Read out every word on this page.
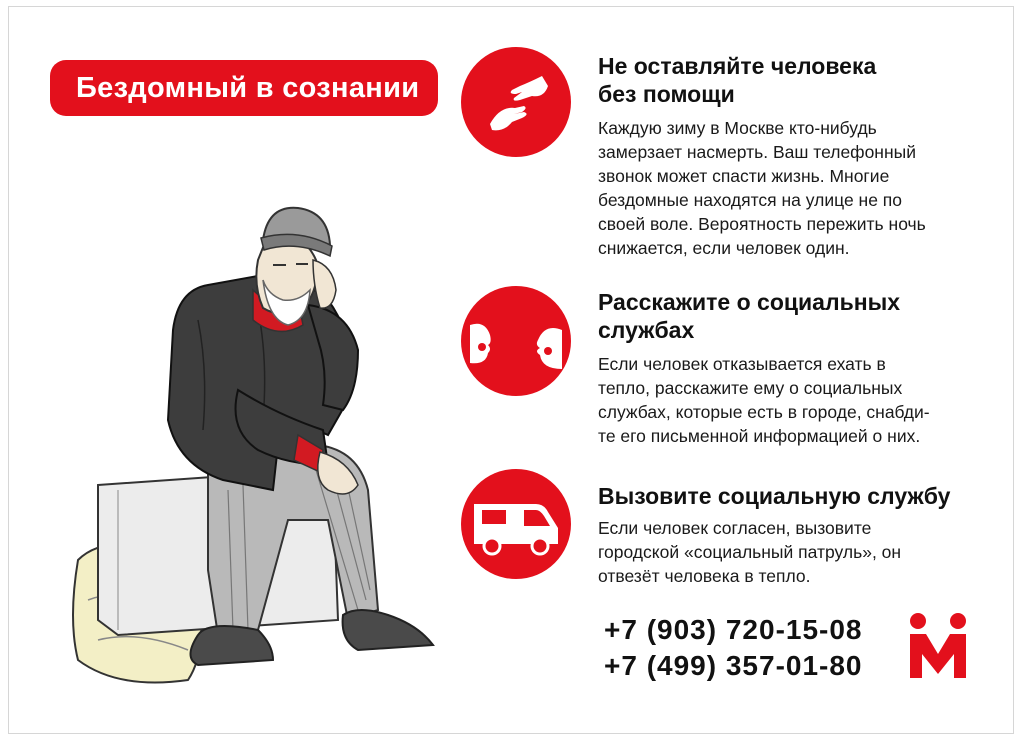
Бездомный в сознании
Не оставляйте человека
без помощи
Каждую зиму в Москве кто-нибудь
замерзает насмерть. Ваш телефонный
звонок может спасти жизнь. Многие
бездомные находятся на улице не по
своей воле. Вероятность пережить ночь
снижается, если человек один.
Расскажите о социальных
службах
Если человек отказывается ехать в
тепло, расскажите ему о социальных
службах, которые есть в городе, снабди-
те его письменной информацией о них.
Вызовите социальную службу
Если человек согласен, вызовите
городской «социальный патруль», он
отвезёт человека в тепло.
+7 (903) 720-15-08
+7 (499) 357-01-80
